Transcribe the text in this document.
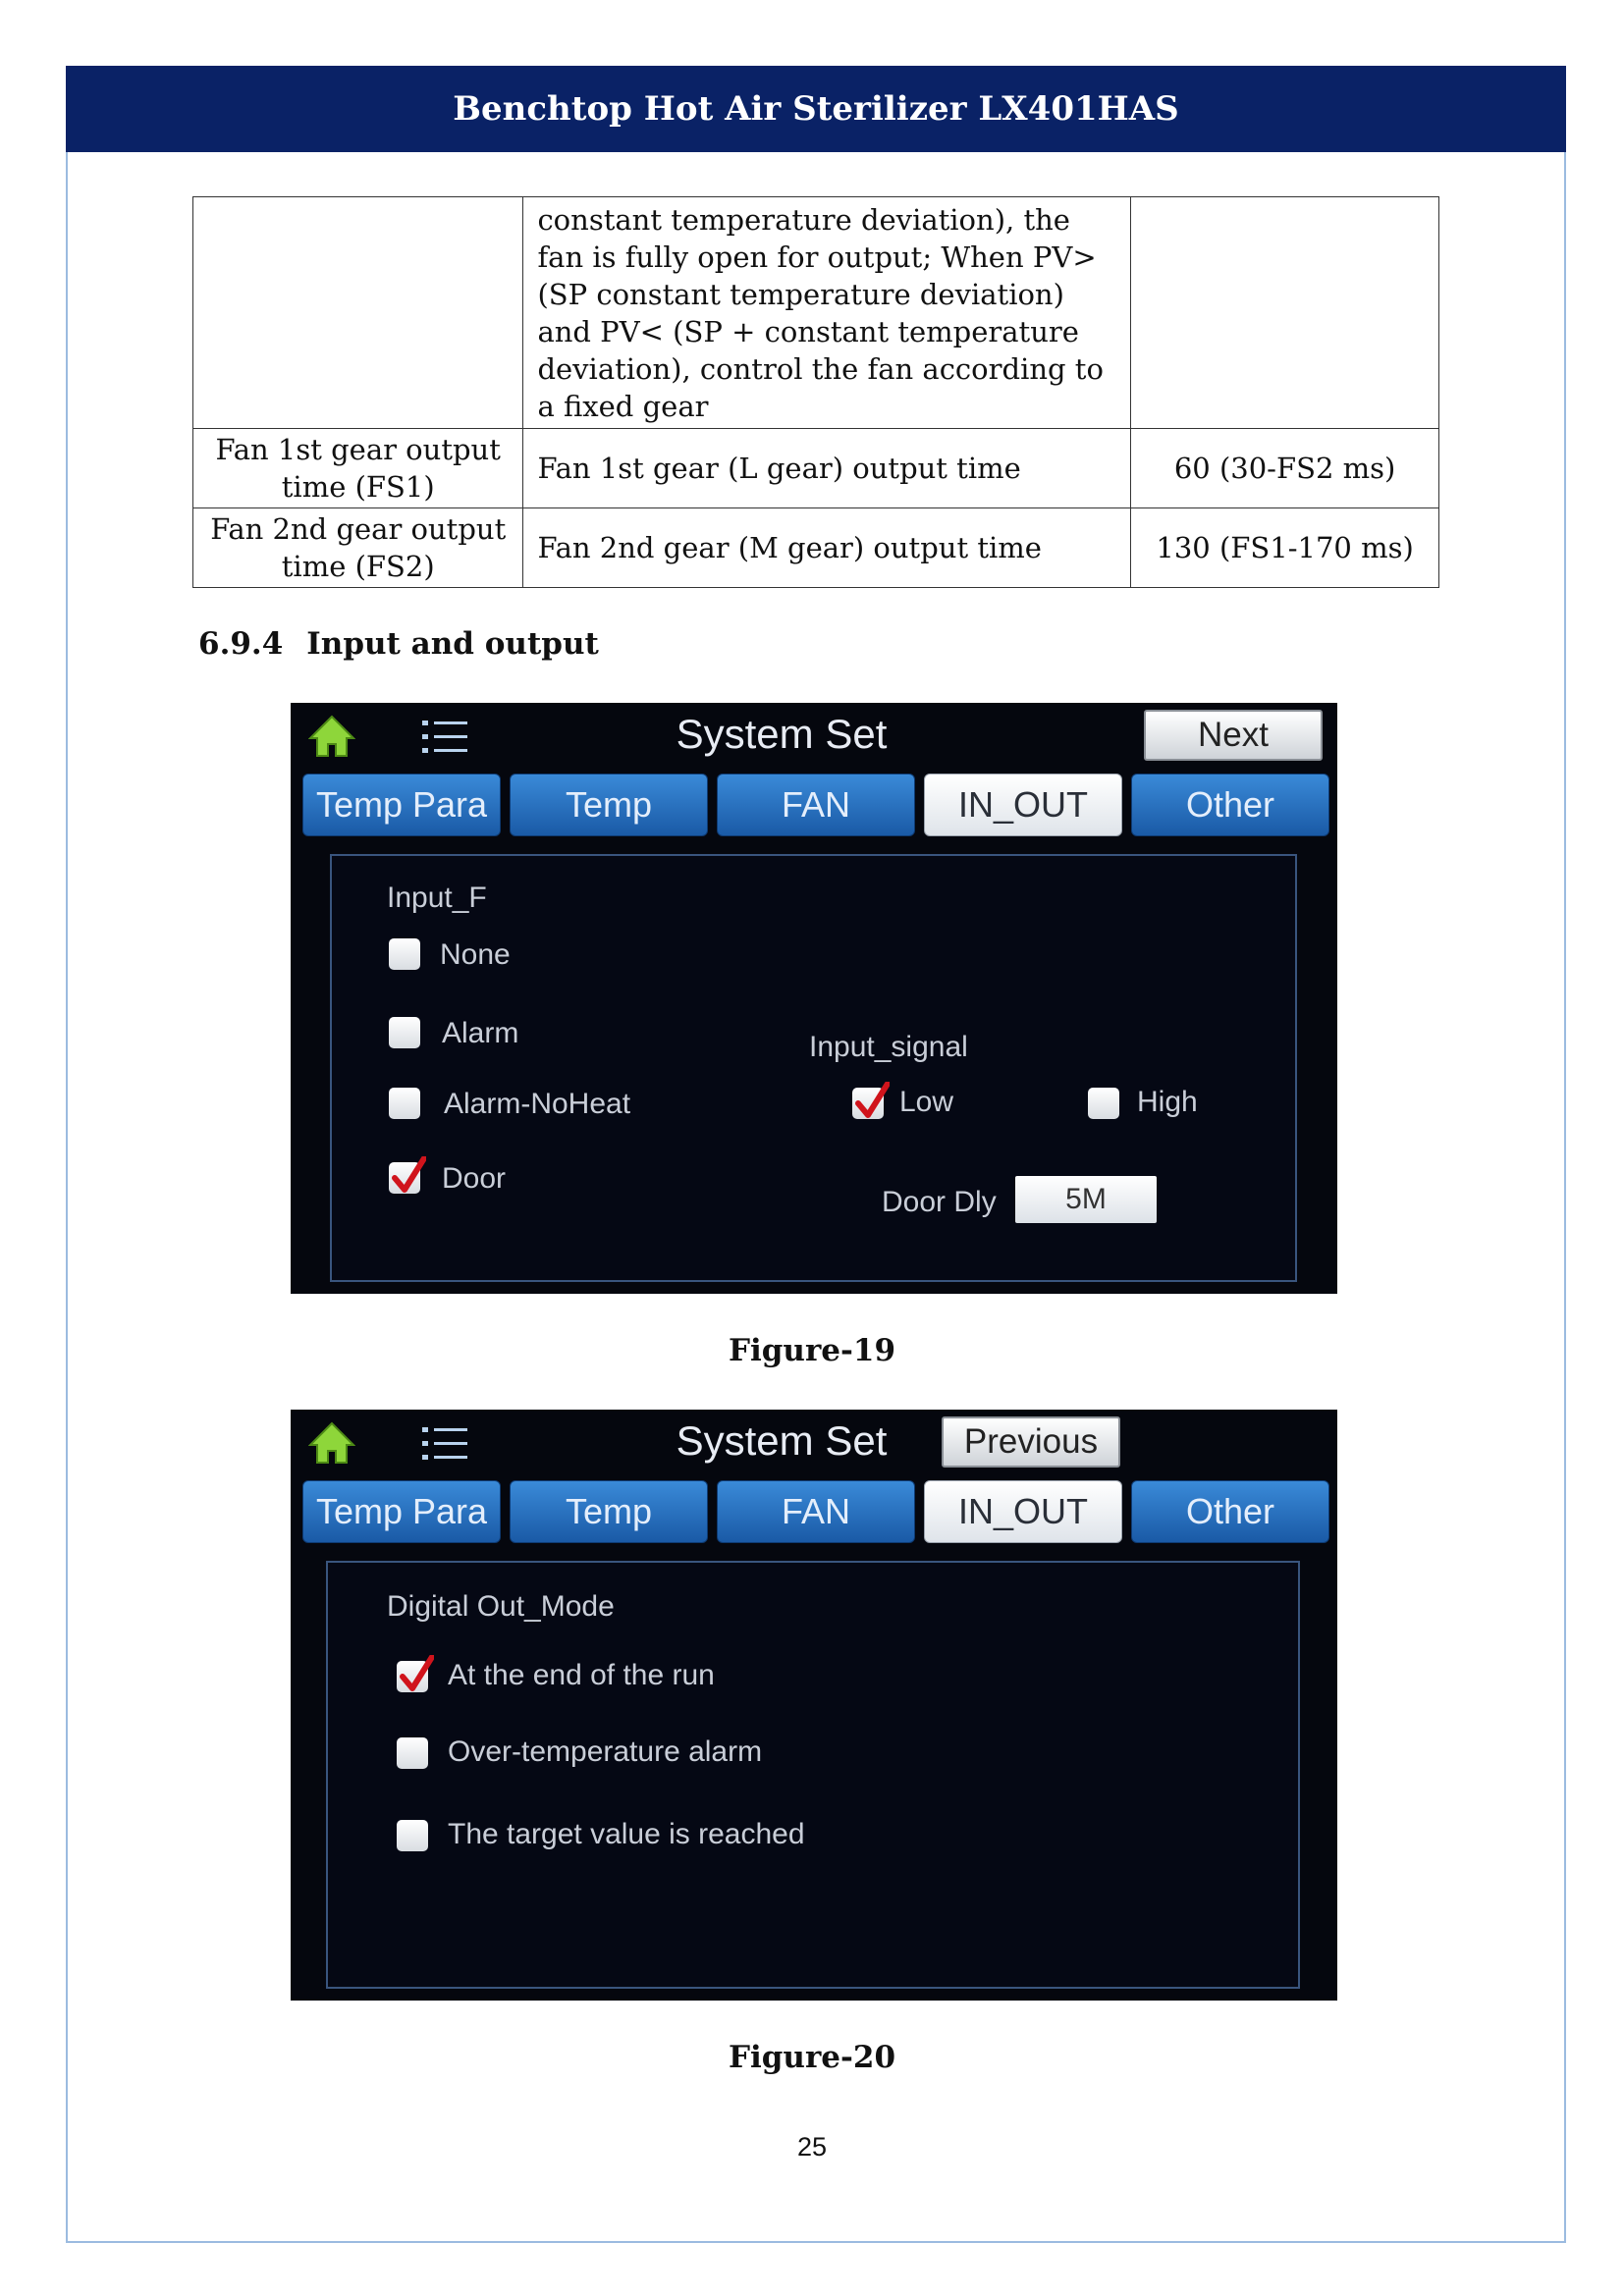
Benchtop Hot Air Sterilizer LX401HAS
	constant temperature deviation), the fan is fully open for output; When PV> (SP constant temperature deviation) and PV< (SP + constant temperature deviation), control the fan according to a fixed gear	
Fan 1st gear output time (FS1)	Fan 1st gear (L gear) output time	60 (30-FS2 ms)
Fan 2nd gear output time (FS2)	Fan 2nd gear (M gear) output time	130 (FS1-170 ms)
6.9.4 Input and output
System Set	Next
Temp Para	Temp	FAN	IN_OUT	Other
Input_F
None
Alarm
Alarm-NoHeat
Door
Input_signal
Low	High
Door Dly	5M
Figure-19
System Set	Previous
Temp Para	Temp	FAN	IN_OUT	Other
Digital Out_Mode
At the end of the run
Over-temperature alarm
The target value is reached
Figure-20
25
